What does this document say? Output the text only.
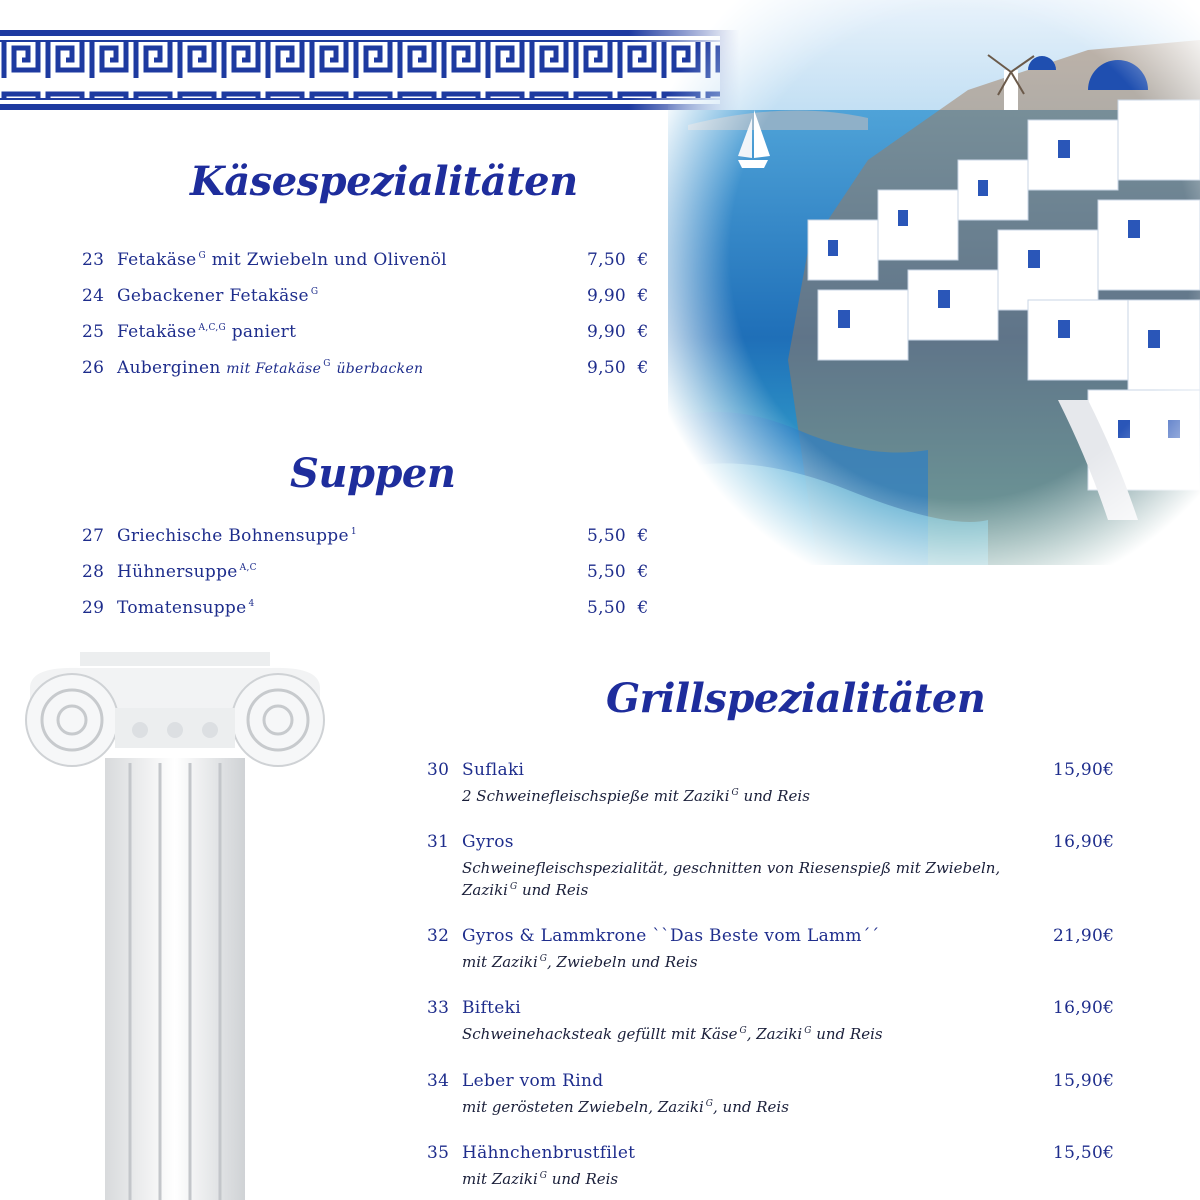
Käsespezialitäten
23 Fetakäse $^G$ mit Zwiebeln und Olivenöl	7,50 €
24 Gebackener Fetakäse $^G$	9,90 €
25 Fetakäse $^{A,C,G}$ paniert	9,90 €
26 Auberginen mit Fetakäse $^G$ überbacken	9,50 €
Suppen
27 Griechische Bohnensuppe $^1$	5,50 €
28 Hühnersuppe $^{A,C}$	5,50 €
29 Tomatensuppe $^4$	5,50 €
Grillspezialitäten
30 Suflaki	15,90€
2 Schweinefleischspieße mit Zaziki $^G$ und Reis
31 Gyros	16,90€
Schweinefleischspezialität, geschnitten von Riesenspieß mit Zwiebeln, Zaziki $^G$ und Reis
32 Gyros & Lammkrone ``Das Beste vom Lamm´´	21,90€
mit Zaziki $^G$, Zwiebeln und Reis
33 Bifteki	16,90€
Schweinehacksteak gefüllt mit Käse $^G$, Zaziki $^G$ und Reis
34 Leber vom Rind	15,90€
mit gerösteten Zwiebeln, Zaziki $^G$, und Reis
35 Hähnchenbrustfilet	15,50€
mit Zaziki $^G$ und Reis
